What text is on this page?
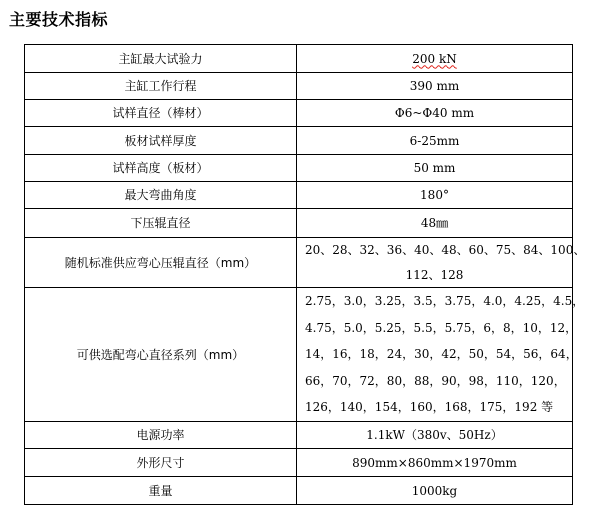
主要技术指标
主缸最大试验力	200 kN
主缸工作行程	390 mm
试样直径（棒材）	Φ6~Φ40 mm
板材试样厚度	6-25mm
试样高度（板材）	50 mm
最大弯曲角度	180°
下压辊直径	48㎜
随机标准供应弯心压辊直径（mm）	20、28、32、36、40、48、60、75、84、100、
112、128

可供选配弯心直径系列（mm）	2.75，3.0，3.25，3.5，3.75，4.0，4.25，4.5，
4.75，5.0，5.25，5.5，5.75，6，8，10，12，
14，16，18，24，30，42，50，54，56，64，
66，70，72，80，88，90，98，110，120，
126，140，154，160，168，175，192 等

电源功率	1.1kW（380v、50Hz）
外形尺寸	890mm×860mm×1970mm
重量	1000kg
